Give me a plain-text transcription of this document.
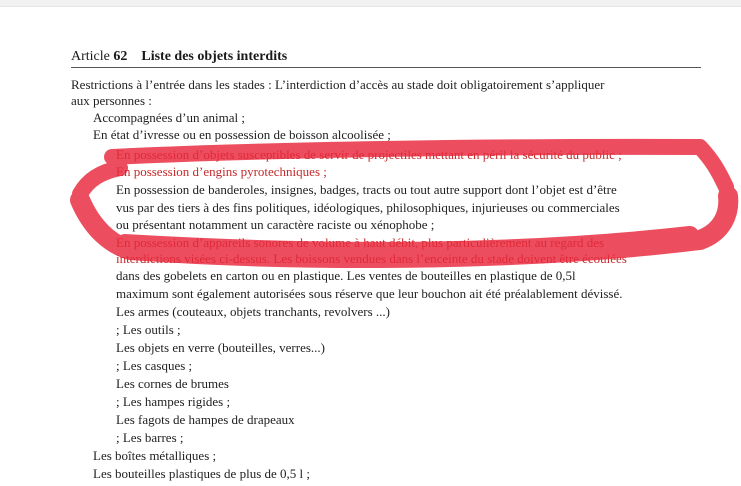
Article 62 Liste des objets interdits
Restrictions à l’entrée dans les stades : L’interdiction d’accès au stade doit obligatoirement s’appliquer
aux personnes :
Accompagnées d’un animal ;
En état d’ivresse ou en possession de boisson alcoolisée ;
En possession d’objets susceptibles de servir de projectiles mettant en péril la sécurité du public ;
En possession d’engins pyrotechniques ;
En possession de banderoles, insignes, badges, tracts ou tout autre support dont l’objet est d’être
vus par des tiers à des fins politiques, idéologiques, philosophiques, injurieuses ou commerciales
ou présentant notamment un caractère raciste ou xénophobe ;
En possession d’appareils sonores de volume à haut débit, plus particulièrement au regard des
interdictions visées ci-dessus. Les boissons vendues dans l’enceinte du stade doivent être écoulées
dans des gobelets en carton ou en plastique. Les ventes de bouteilles en plastique de 0,5l
maximum sont également autorisées sous réserve que leur bouchon ait été préalablement dévissé.
Les armes (couteaux, objets tranchants, revolvers ...)
; Les outils ;
Les objets en verre (bouteilles, verres...)
; Les casques ;
Les cornes de brumes
; Les hampes rigides ;
Les fagots de hampes de drapeaux
; Les barres ;
Les boîtes métalliques ;
Les bouteilles plastiques de plus de 0,5 l ;
